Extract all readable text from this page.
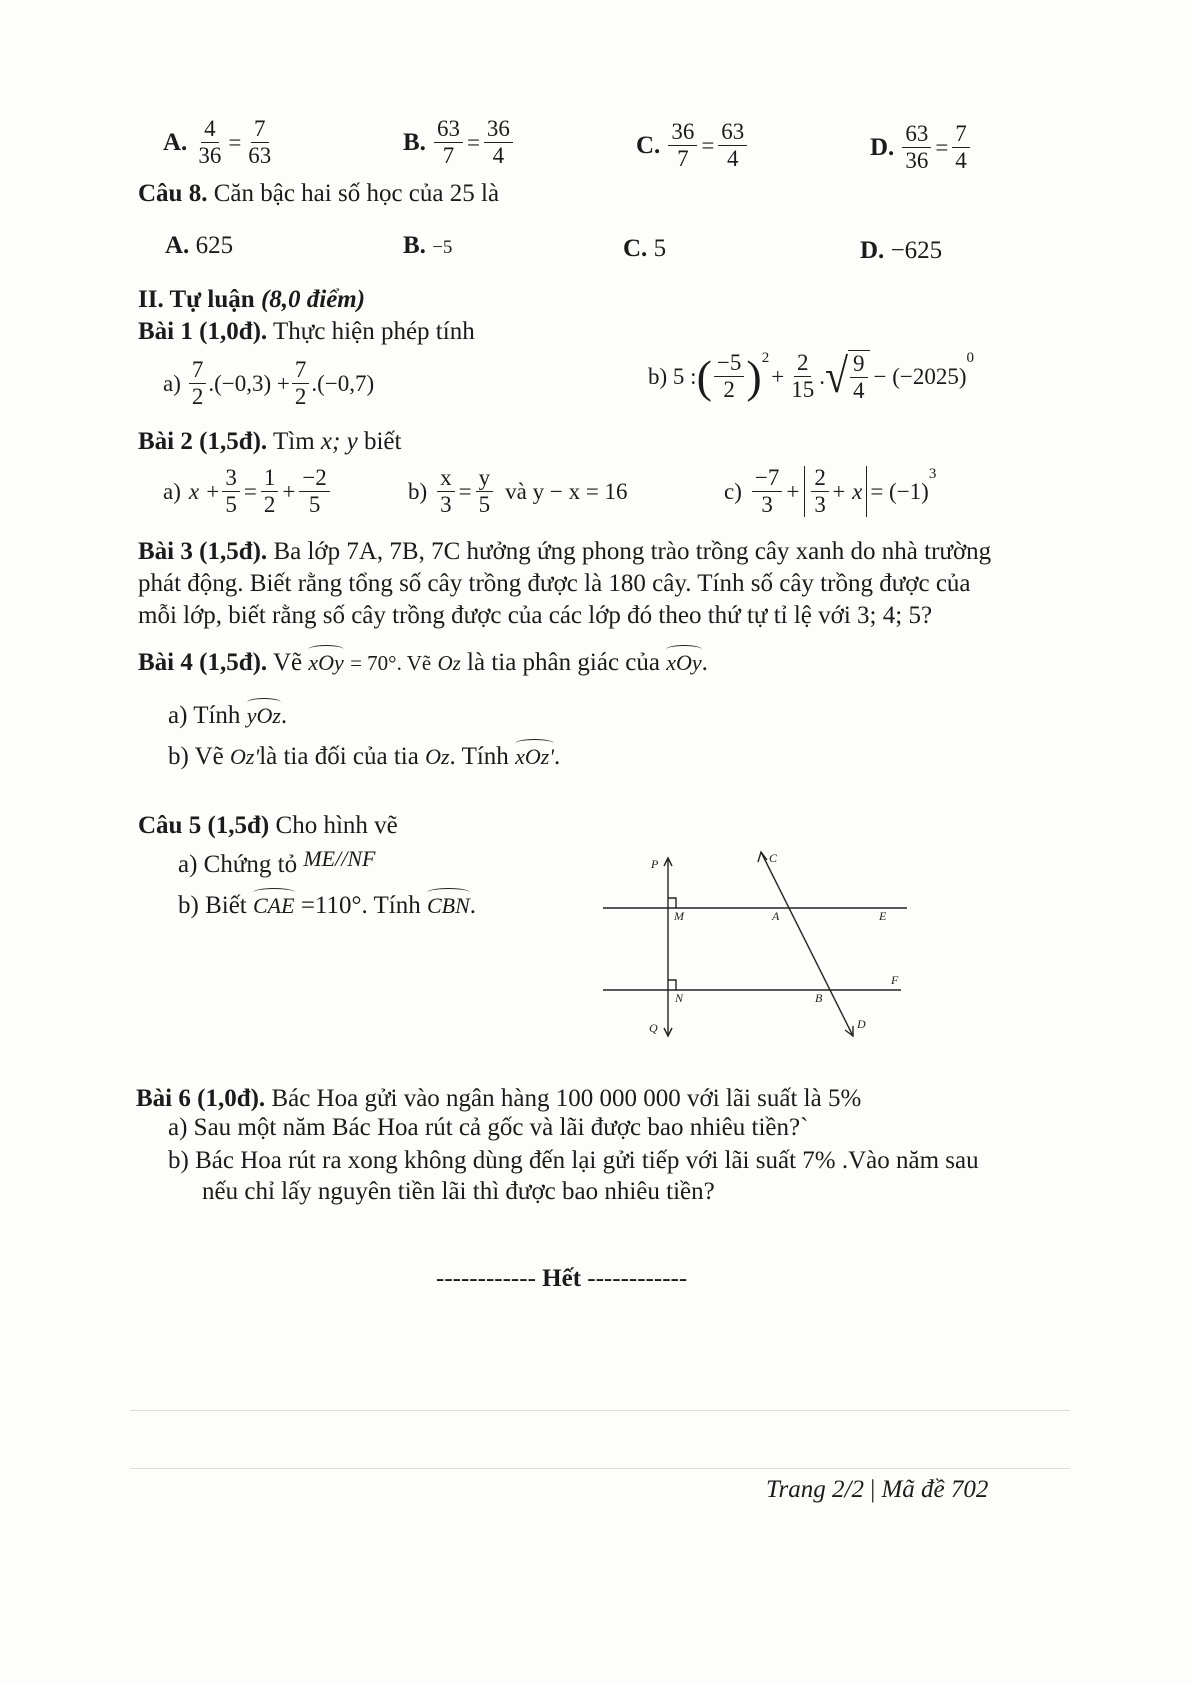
A. $\frac{4}{36} = \frac{7}{63}$	B. $\frac{63}{7} = \frac{36}{4}$	C. $\frac{36}{7} = \frac{63}{4}$	D. $\frac{63}{36} = \frac{7}{4}$
Câu 8. Căn bậc hai số học của 25 là
A. 625	B. −5	C. 5	D. −625
II. Tự luận (8,0 điểm)
Bài 1 (1,0đ). Thực hiện phép tính
$a) \frac{7}{2} .(-0,3) + \frac{7}{2} .(-0,7)$	b) 5 : ( $\frac{-5}{2}$ ) 2
+ $\frac{2}{15}$ . √ $\frac{9}{4} - (-2025)$
0
Bài 2 (1,5đ). Tìm x; y biết
a) $x + \frac{3}{5} = \frac{1}{2} + \frac{-2}{5}$	$b) \frac{x}{3} = \frac{y}{5}$ và y − x = 16	$c) \frac{-7}{3} + \frac{2}{3} + x = (-1)$
3
Bài 3 (1,5đ). Ba lớp 7A, 7B, 7C hưởng ứng phong trào trồng cây xanh do nhà trường
phát động. Biết rằng tổng số cây trồng được là 180 cây. Tính số cây trồng được của
mỗi lớp, biết rằng số cây trồng được của các lớp đó theo thứ tự tỉ lệ với 3; 4; 5?
Bài 4 (1,5đ). Vẽ xOy = 70°. Vẽ Oz là tia phân giác của xOy.
a) Tính yOz.
b) Vẽ Oz'là tia đối của tia Oz. Tính xOz'.
Câu 5 (1,5đ) Cho hình vẽ
a) Chứng tỏ ME//NF
b) Biết CAE =110°. Tính CBN.
P	C
M	A	E
F
N	B
Q	D
Bài 6 (1,0đ). Bác Hoa gửi vào ngân hàng 100 000 000 với lãi suất là 5%
a) Sau một năm Bác Hoa rút cả gốc và lãi được bao nhiêu tiền?`
b) Bác Hoa rút ra xong không dùng đến lại gửi tiếp với lãi suất 7% .Vào năm sau
nếu chỉ lấy nguyên tiền lãi thì được bao nhiêu tiền?
------------ Hết ------------
Trang 2/2 | Mã đề 702
